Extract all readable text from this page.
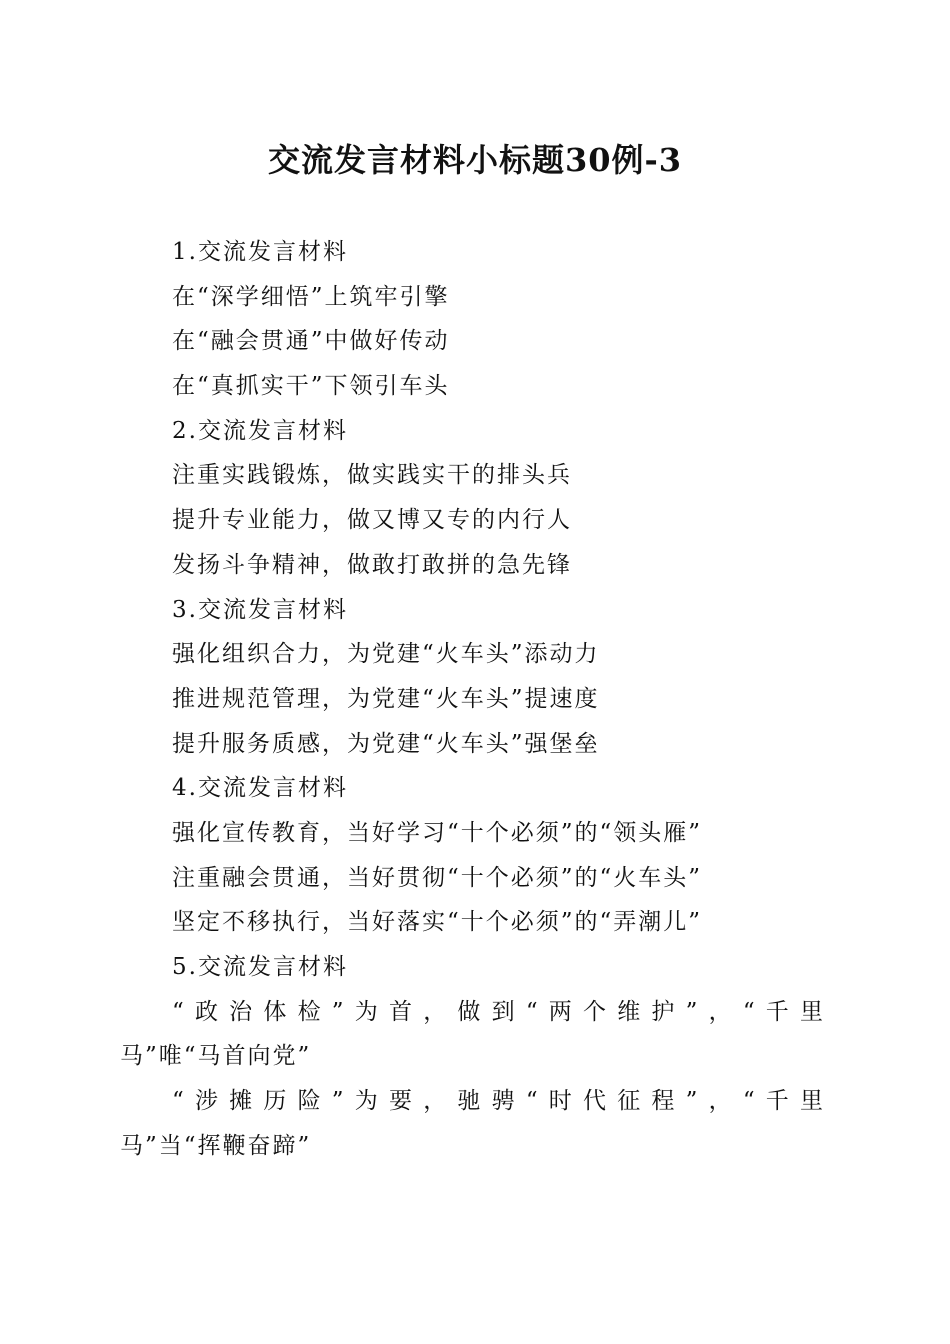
交流发言材料小标题30例-3
1.交流发言材料
在“深学细悟”上筑牢引擎
在“融会贯通”中做好传动
在“真抓实干”下领引车头
2.交流发言材料
注重实践锻炼，做实践实干的排头兵
提升专业能力，做又博又专的内行人
发扬斗争精神，做敢打敢拼的急先锋
3.交流发言材料
强化组织合力，为党建“火车头”添动力
推进规范管理，为党建“火车头”提速度
提升服务质感，为党建“火车头”强堡垒
4.交流发言材料
强化宣传教育，当好学习“十个必须”的“领头雁”
注重融会贯通，当好贯彻“十个必须”的“火车头”
坚定不移执行，当好落实“十个必须”的“弄潮儿”
5.交流发言材料
“政治体检”为首，做到“两个维护”，“千里
马”唯“马首向党”
“涉摊历险”为要，驰骋“时代征程”，“千里
马”当“挥鞭奋蹄”
